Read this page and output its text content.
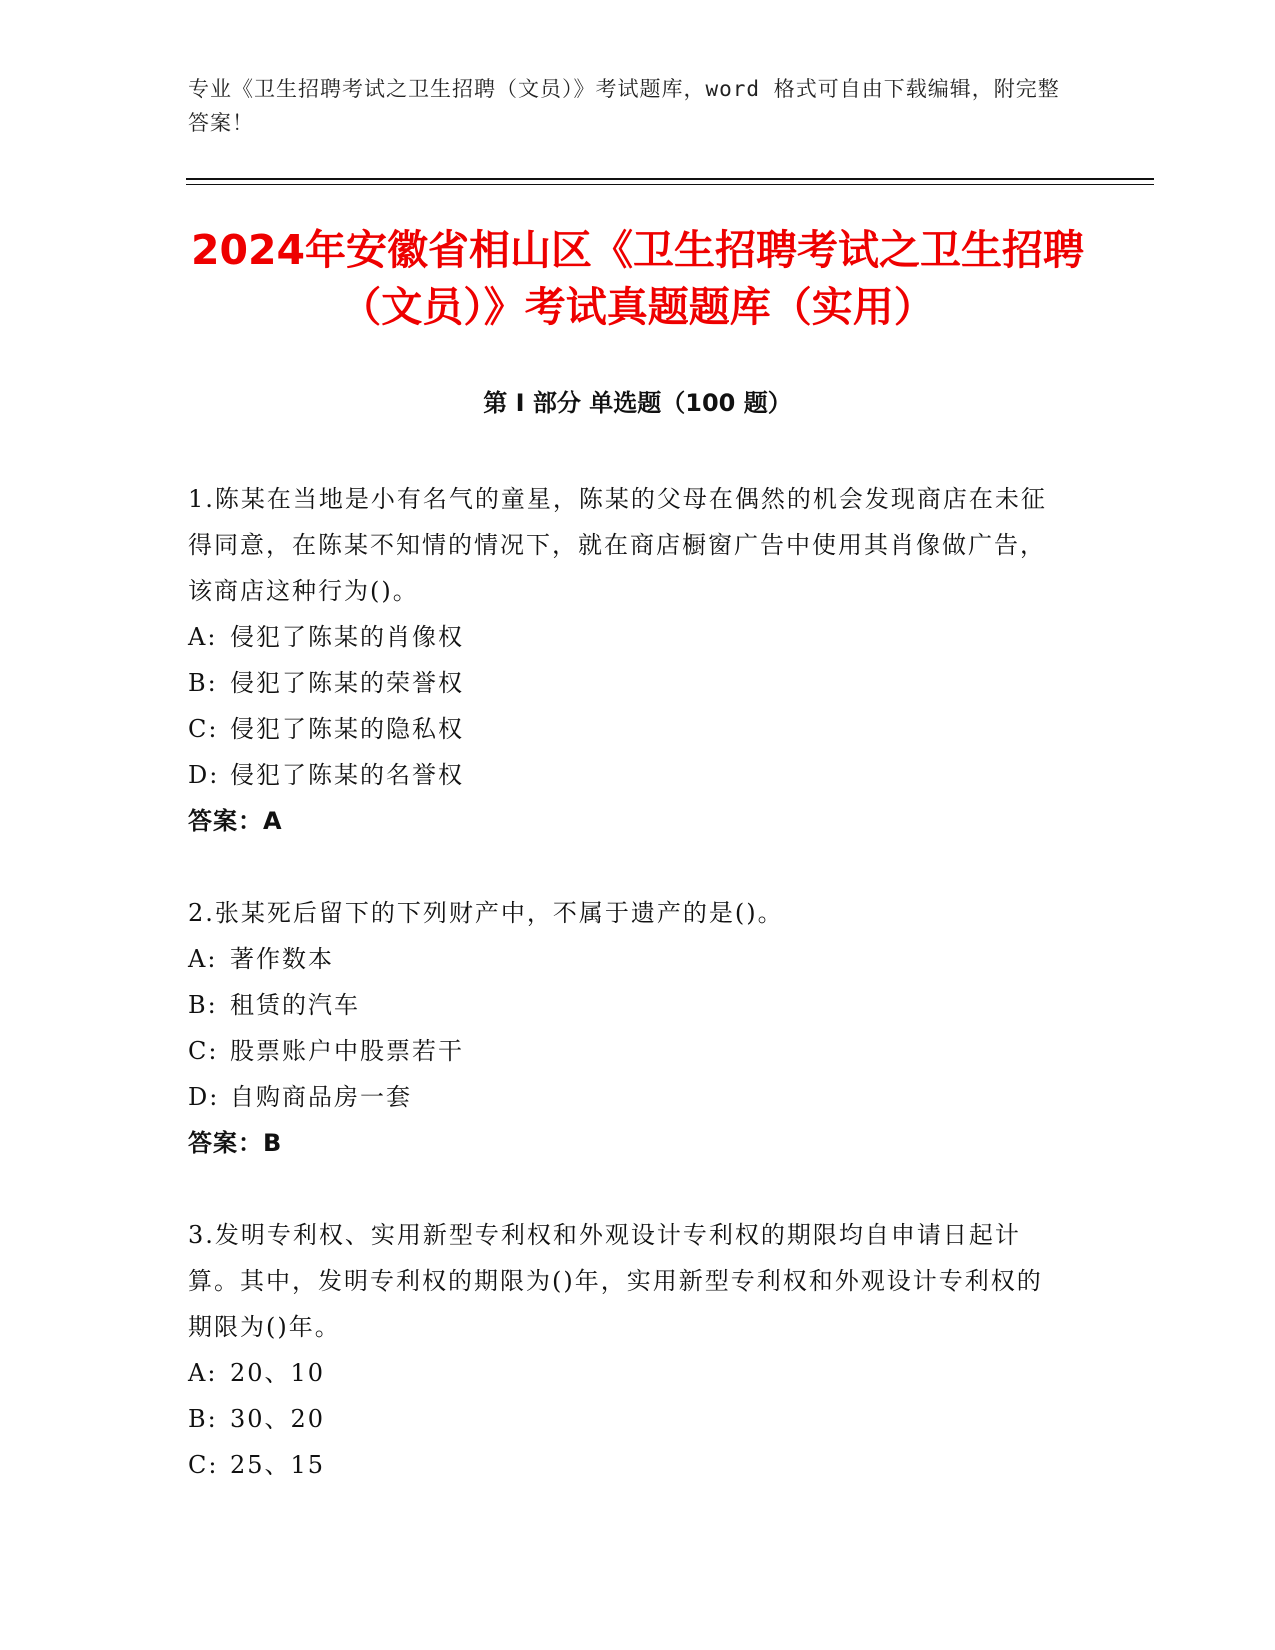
专业《卫生招聘考试之卫生招聘（文员）》考试题库，word 格式可自由下载编辑，附完整答案！
2024年安徽省相山区《卫生招聘考试之卫生招聘（文员）》考试真题题库（实用）
第 I 部分 单选题（100 题）

1.陈某在当地是小有名气的童星，陈某的父母在偶然的机会发现商店在未征得同意，在陈某不知情的情况下，就在商店橱窗广告中使用其肖像做广告，该商店这种行为()。

A: 侵犯了陈某的肖像权
B: 侵犯了陈某的荣誉权
C: 侵犯了陈某的隐私权
D: 侵犯了陈某的名誉权
答案：A

2.张某死后留下的下列财产中，不属于遗产的是()。

A: 著作数本
B: 租赁的汽车
C: 股票账户中股票若干
D: 自购商品房一套
答案：B

3.发明专利权、实用新型专利权和外观设计专利权的期限均自申请日起计算。其中，发明专利权的期限为()年，实用新型专利权和外观设计专利权的期限为()年。

A: 20、10
B: 30、20
C: 25、15
